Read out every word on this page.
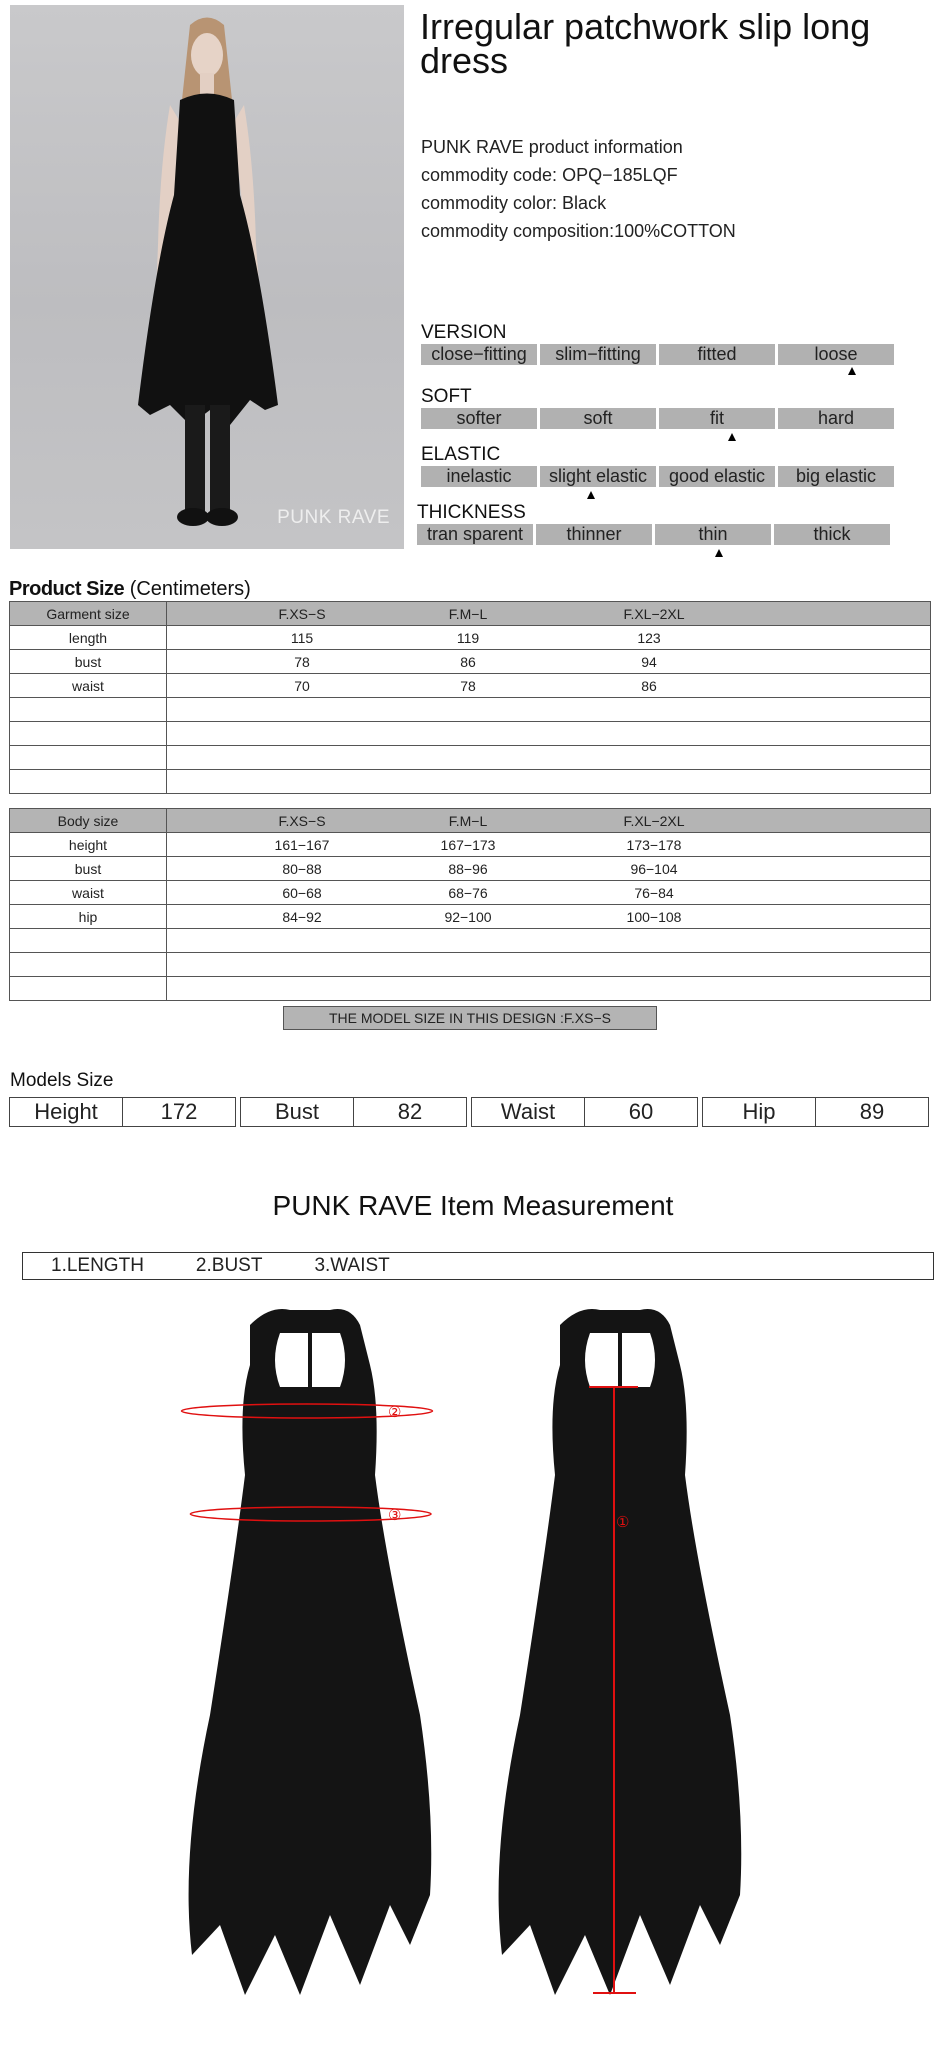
PUNK RAVE
Irregular patchwork slip long dress
PUNK RAVE product information
commodity code: OPQ−185LQF
commodity color: Black
commodity composition:100%COTTON
VERSION
close−fitting	slim−fitting	fitted	loose
SOFT
softer	soft	fit	hard
ELASTIC
inelastic	slight elastic	good elastic	big elastic
THICKNESS
tran sparent	thinner	thin	thick
Product Size (Centimeters)
Garment size	F.XS−S F.M−L F.XL−2XL

length	115 119 123

bust	78 86 94

waist	70 78 86

Body size	F.XS−S F.M−L F.XL−2XL

height	161−167 167−173 173−178

bust	80−88 88−96 96−104

waist	60−68 68−76 76−84

hip	84−92 92−100 100−108

THE MODEL SIZE IN THIS DESIGN :F.XS−S
Models Size
Height	172	Bust	82	Waist	60	Hip	89
PUNK RAVE Item Measurement
1.LENGTH	2.BUST	3.WAIST
②
③	①
